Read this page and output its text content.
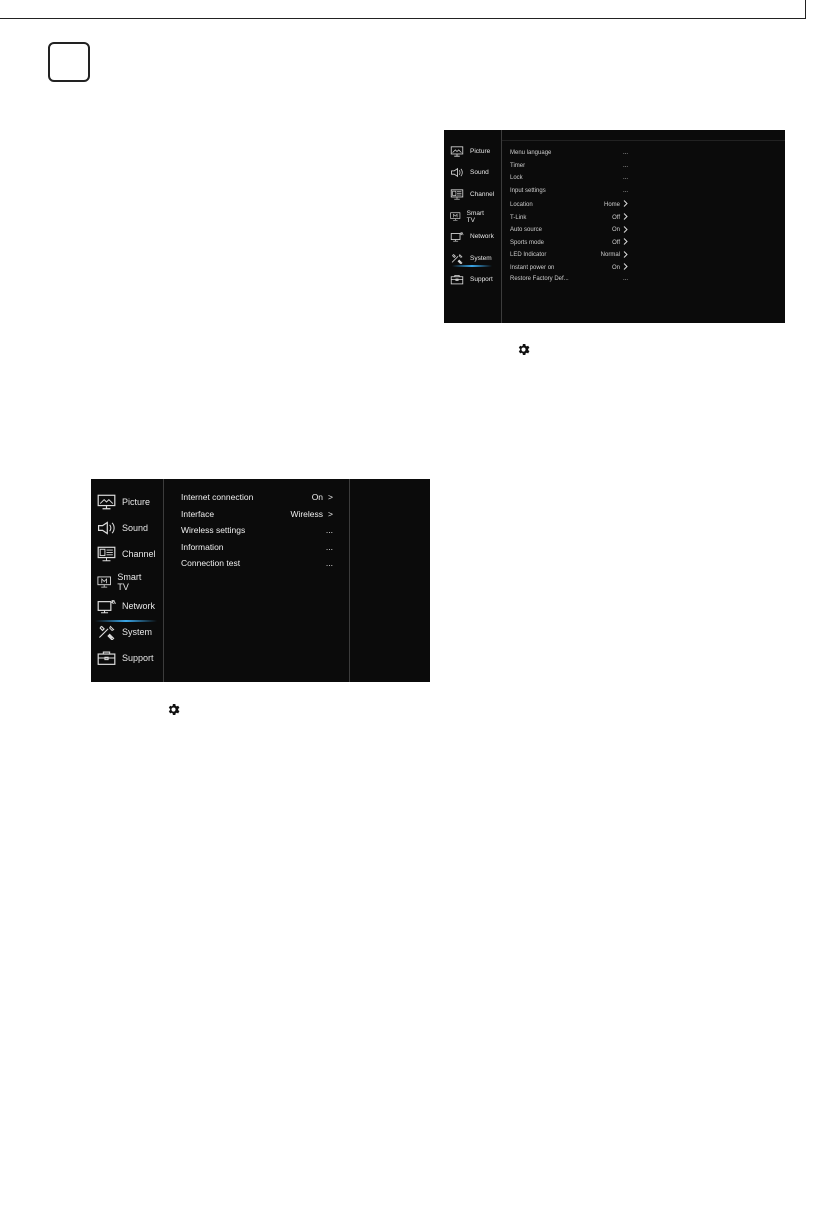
Picture
Sound
Channel
Smart TV
Network
System
Support
Menu language	...
Timer	...
Lock	...
Input settings	...
Location	Home
T-Link	Off
Auto source	On
Sports mode	Off
LED Indicator	Normal
Instant power on	On
Restore Factory Def...	...
Picture
Sound
Channel
Smart TV
Network
System
Support
Internet connection	On >
Interface	Wireless >
Wireless settings	...
Information	...
Connection test	...
